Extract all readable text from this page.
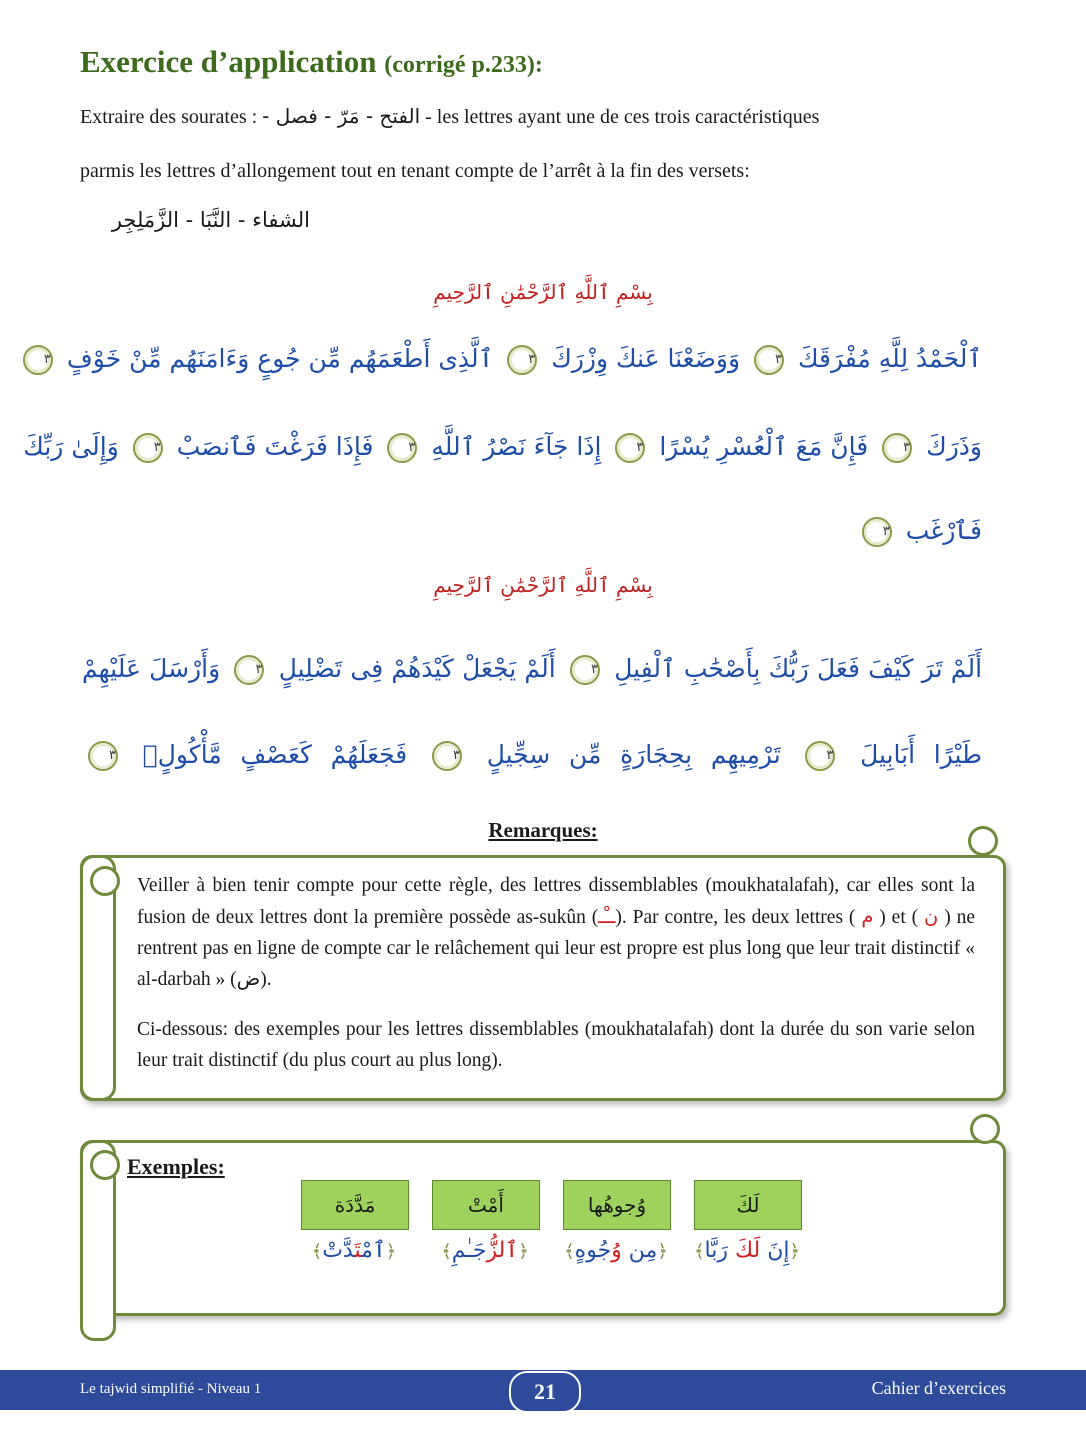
Exercice d’application (corrigé p.233):
Extraire des sourates : الفتح - مَرّ - فصل - - les lettres ayant une de ces trois caractéristiques
parmis les lettres d’allongement tout en tenant compte de l’arrêt à la fin des versets:
الشفاء - النَّبَا - الزَّمَلِجِر
بِسْمِ ٱللَّهِ ٱلرَّحْمَٰنِ ٱلرَّحِيمِ
ٱلْحَمْدُ لِلَّهِ مُفْرَقَكَ ٣ وَوَضَعْنَا عَنكَ وِزْرَكَ ٣ ٱلَّذِى أَطْعَمَهُم مِّن جُوعٍ وَءَامَنَهُم مِّنْ خَوْفٍ ٣
وَذَرَكَ ٣ فَإِنَّ مَعَ ٱلْعُسْرِ يُسْرًا ٣ إِذَا جَآءَ نَصْرُ ٱللَّهِ ٣ فَإِذَا فَرَغْتَ فَٱنصَبْ ٣ وَإِلَىٰ رَبِّكَ
فَٱرْغَب ٣
بِسْمِ ٱللَّهِ ٱلرَّحْمَٰنِ ٱلرَّحِيمِ
أَلَمْ تَرَ كَيْفَ فَعَلَ رَبُّكَ بِأَصْحَٰبِ ٱلْفِيلِ ٣ أَلَمْ يَجْعَلْ كَيْدَهُمْ فِى تَضْلِيلٍ ٣ وَأَرْسَلَ عَلَيْهِمْ
طَيْرًا أَبَابِيلَ ٣ تَرْمِيهِم بِحِجَارَةٍ مِّن سِجِّيلٍ ٣ فَجَعَلَهُمْ كَعَصْفٍ مَّأْكُولٍۭ ٣
Remarques:
Veiller à bien tenir compte pour cette règle, des lettres dissemblables (moukhatalafah), car elles sont la fusion de deux lettres dont la première possède as-sukûn (ــْـ). Par contre, les deux lettres ( م ) et ( ن ) ne rentrent pas en ligne de compte car le relâchement qui leur est propre est plus long que leur trait distinctif « al-darbah » (ض).
Ci-dessous: des exemples pour les lettres dissemblables (moukhatalafah) dont la durée du son varie selon leur trait distinctif (du plus court au plus long).
Exemples:
لَكَ
وُجوهُها
أَمْتْ
مَدَّدَة
﴿إِنَ لَكَ رَبَّا﴾
﴿مِن وُجُوهٍ﴾
﴿ٱلزُّجَـٰمِ﴾
﴿ٱمْتَدَّتْ﴾
Le tajwid simplifié - Niveau 1	21	Cahier d’exercices
